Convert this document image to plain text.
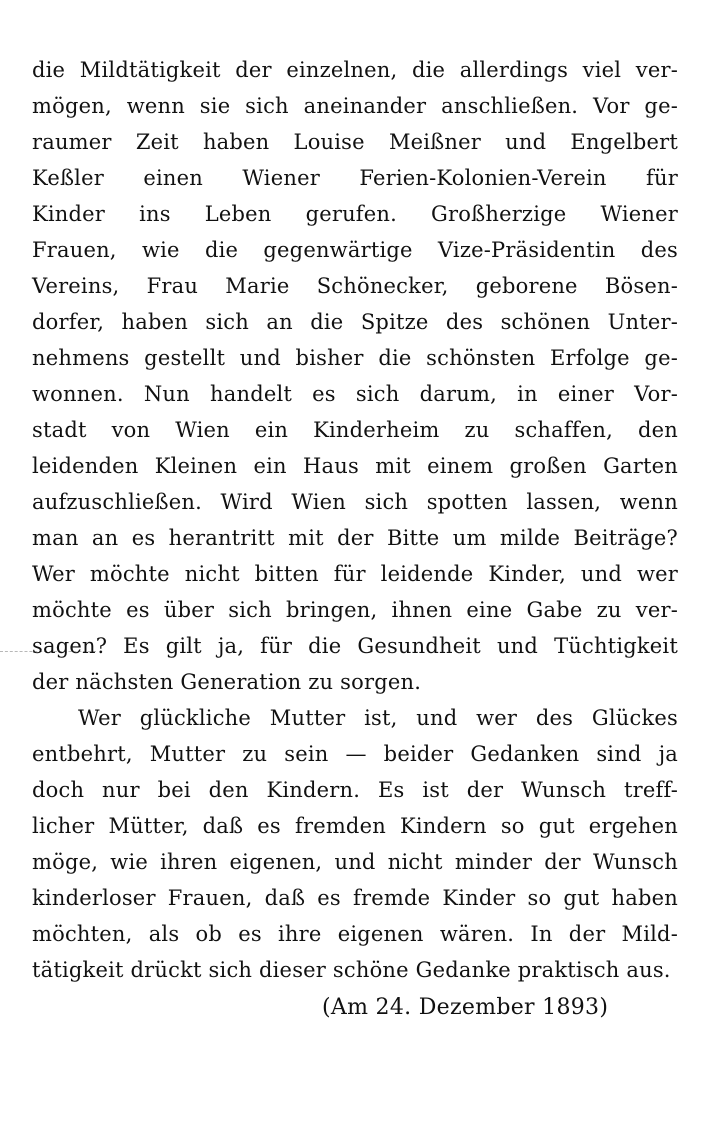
die Mildtätigkeit der einzelnen, die allerdings viel ver-
mögen, wenn sie sich aneinander anschließen. Vor ge-
raumer Zeit haben Louise Meißner und Engelbert
Keßler einen Wiener Ferien-Kolonien-Verein für
Kinder ins Leben gerufen. Großherzige Wiener
Frauen, wie die gegenwärtige Vize-Präsidentin des
Vereins, Frau Marie Schönecker, geborene Bösen-
dorfer, haben sich an die Spitze des schönen Unter-
nehmens gestellt und bisher die schönsten Erfolge ge-
wonnen. Nun handelt es sich darum, in einer Vor-
stadt von Wien ein Kinderheim zu schaffen, den
leidenden Kleinen ein Haus mit einem großen Garten
aufzuschließen. Wird Wien sich spotten lassen, wenn
man an es herantritt mit der Bitte um milde Beiträge?
Wer möchte nicht bitten für leidende Kinder, und wer
möchte es über sich bringen, ihnen eine Gabe zu ver-
sagen? Es gilt ja, für die Gesundheit und Tüchtigkeit
der nächsten Generation zu sorgen.
Wer glückliche Mutter ist, und wer des Glückes
entbehrt, Mutter zu sein — beider Gedanken sind ja
doch nur bei den Kindern. Es ist der Wunsch treff-
licher Mütter, daß es fremden Kindern so gut ergehen
möge, wie ihren eigenen, und nicht minder der Wunsch
kinderloser Frauen, daß es fremde Kinder so gut haben
möchten, als ob es ihre eigenen wären. In der Mild-
tätigkeit drückt sich dieser schöne Gedanke praktisch aus.
(Am 24. Dezember 1893)
